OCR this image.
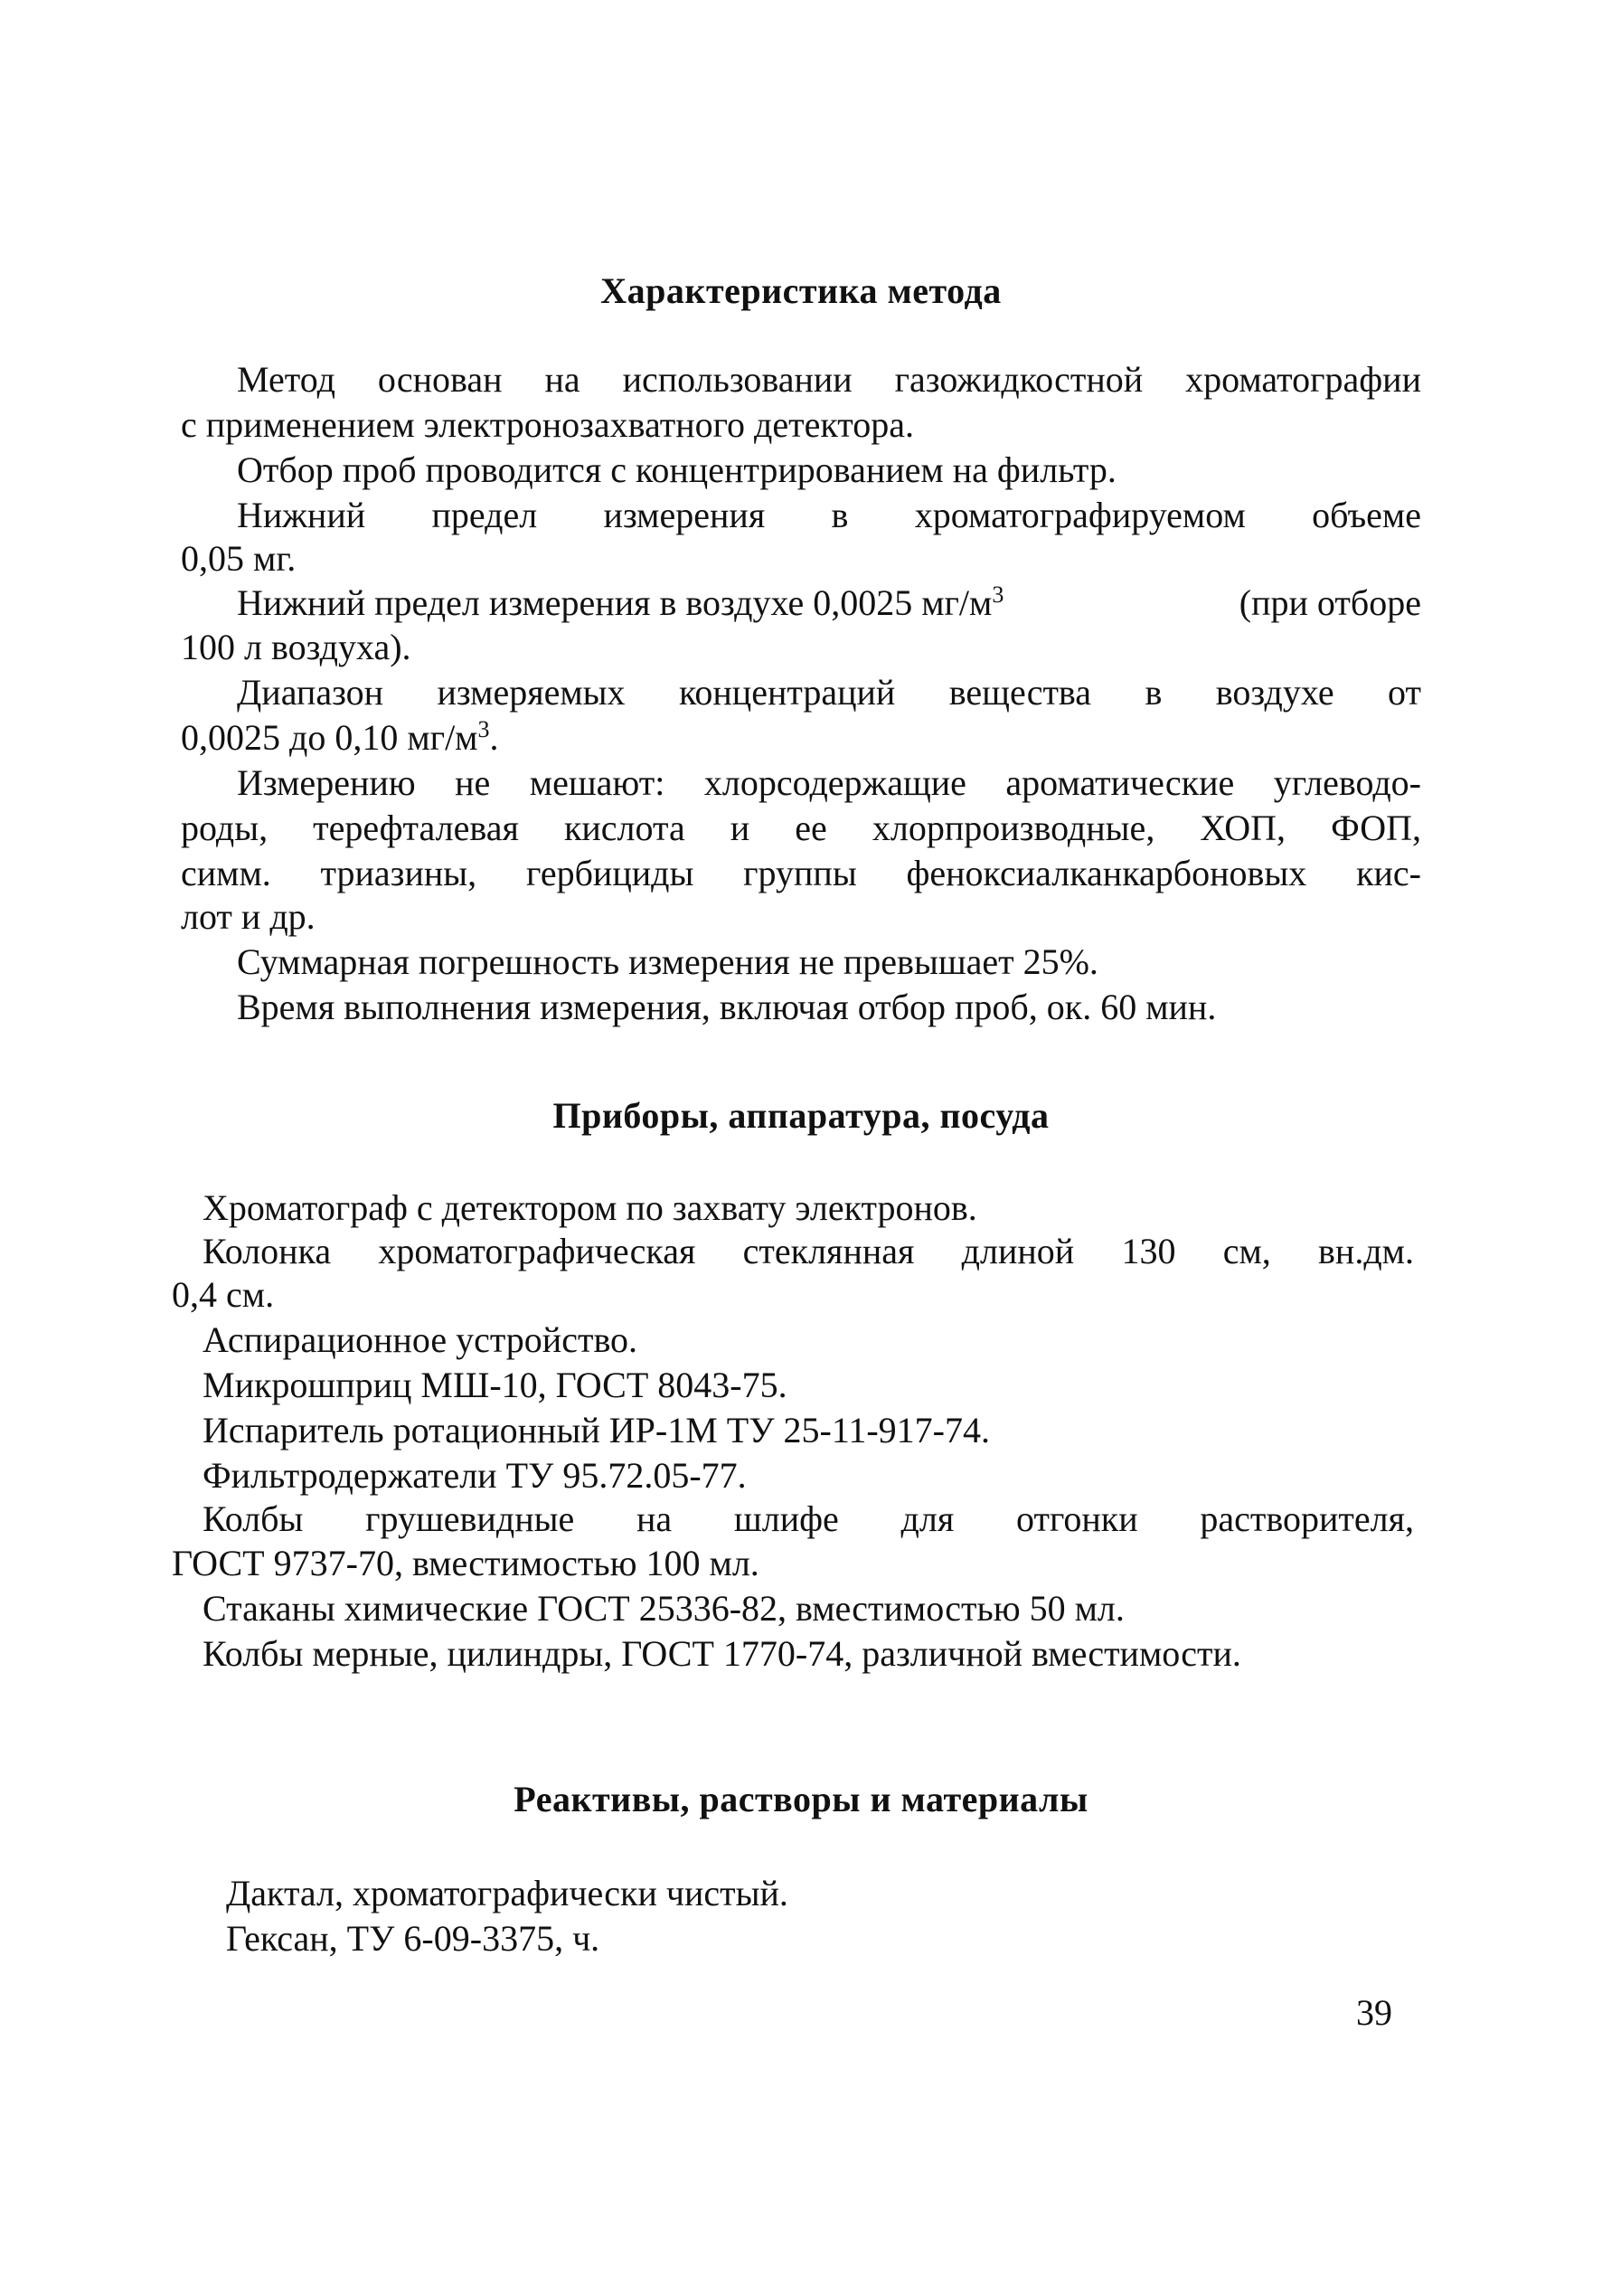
Характеристика метода
Метод основан на использовании газожидкостной хроматографии
с применением электронозахватного детектора.
Отбор проб проводится с концентрированием на фильтр.
Нижний предел измерения в хроматографируемом объеме
0,05 мг.
Нижний предел измерения в воздухе 0,0025 $мг/м^3$	(при отборе
100 л воздуха).
Диапазон измеряемых концентраций вещества в воздухе от
0,0025 до 0,10 $мг/м^3$.
Измерению не мешают: хлорсодержащие ароматические углеводо-
роды, терефталевая кислота и ее хлорпроизводные, ХОП, ФОП,
симм. триазины, гербициды группы феноксиалканкарбоновых кис-
лот и др.
Суммарная погрешность измерения не превышает 25%.
Время выполнения измерения, включая отбор проб, ок. 60 мин.
Приборы, аппаратура, посуда
Хроматограф с детектором по захвату электронов.
Колонка хроматографическая стеклянная длиной 130 см, вн.дм.
0,4 см.
Аспирационное устройство.
Микрошприц МШ-10, ГОСТ 8043-75.
Испаритель ротационный ИР-1М ТУ 25-11-917-74.
Фильтродержатели ТУ 95.72.05-77.
Колбы грушевидные на шлифе для отгонки растворителя,
ГОСТ 9737-70, вместимостью 100 мл.
Стаканы химические ГОСТ 25336-82, вместимостью 50 мл.
Колбы мерные, цилиндры, ГОСТ 1770-74, различной вместимости.
Реактивы, растворы и материалы
Дактал, хроматографически чистый.
Гексан, ТУ 6-09-3375, ч.
39
